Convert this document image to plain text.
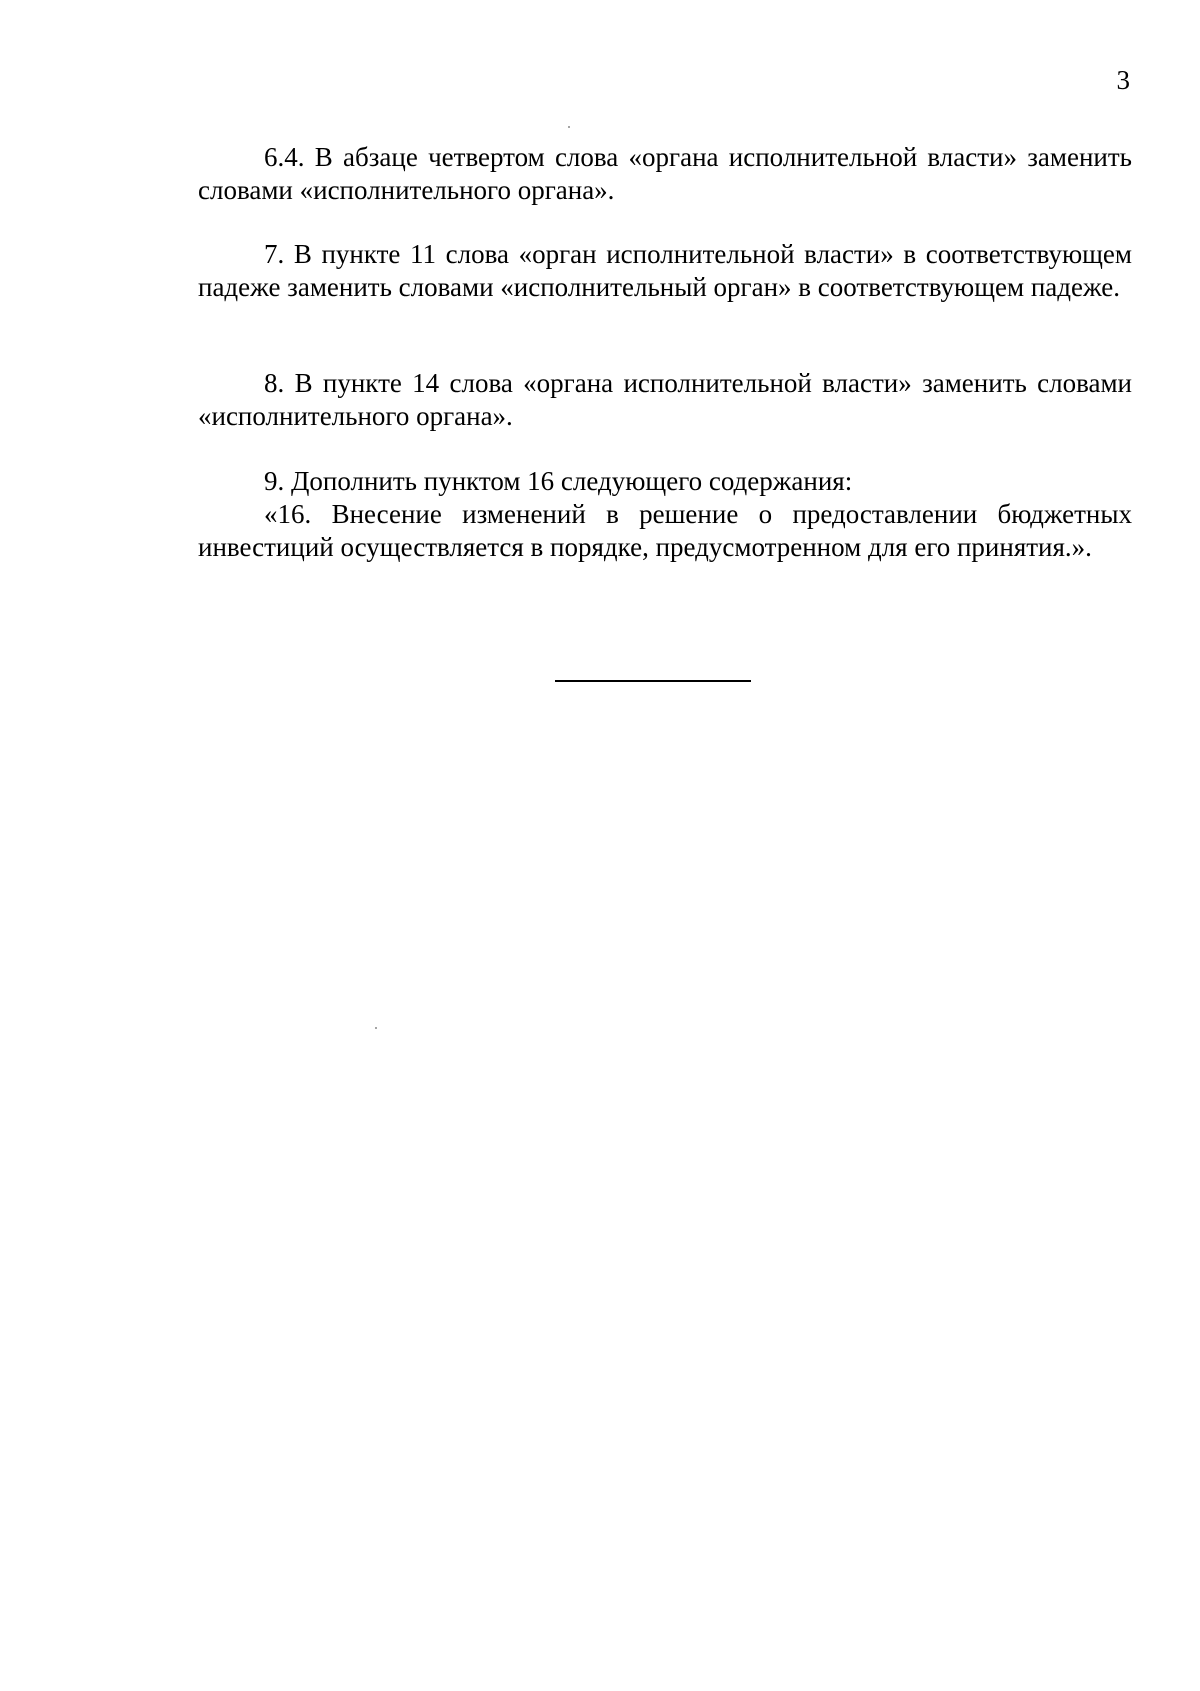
3

6.4. В абзаце четвертом слова «органа исполнительной власти» заменить словами «исполнительного органа».

7. В пункте 11 слова «орган исполнительной власти» в соответствующем падеже заменить словами «исполнительный орган» в соответствующем падеже.

8. В пункте 14 слова «органа исполнительной власти» заменить словами «исполнительного органа».

9. Дополнить пунктом 16 следующего содержания:

«16. Внесение изменений в решение о предоставлении бюджетных инвестиций осуществляется в порядке, предусмотренном для его принятия.».
